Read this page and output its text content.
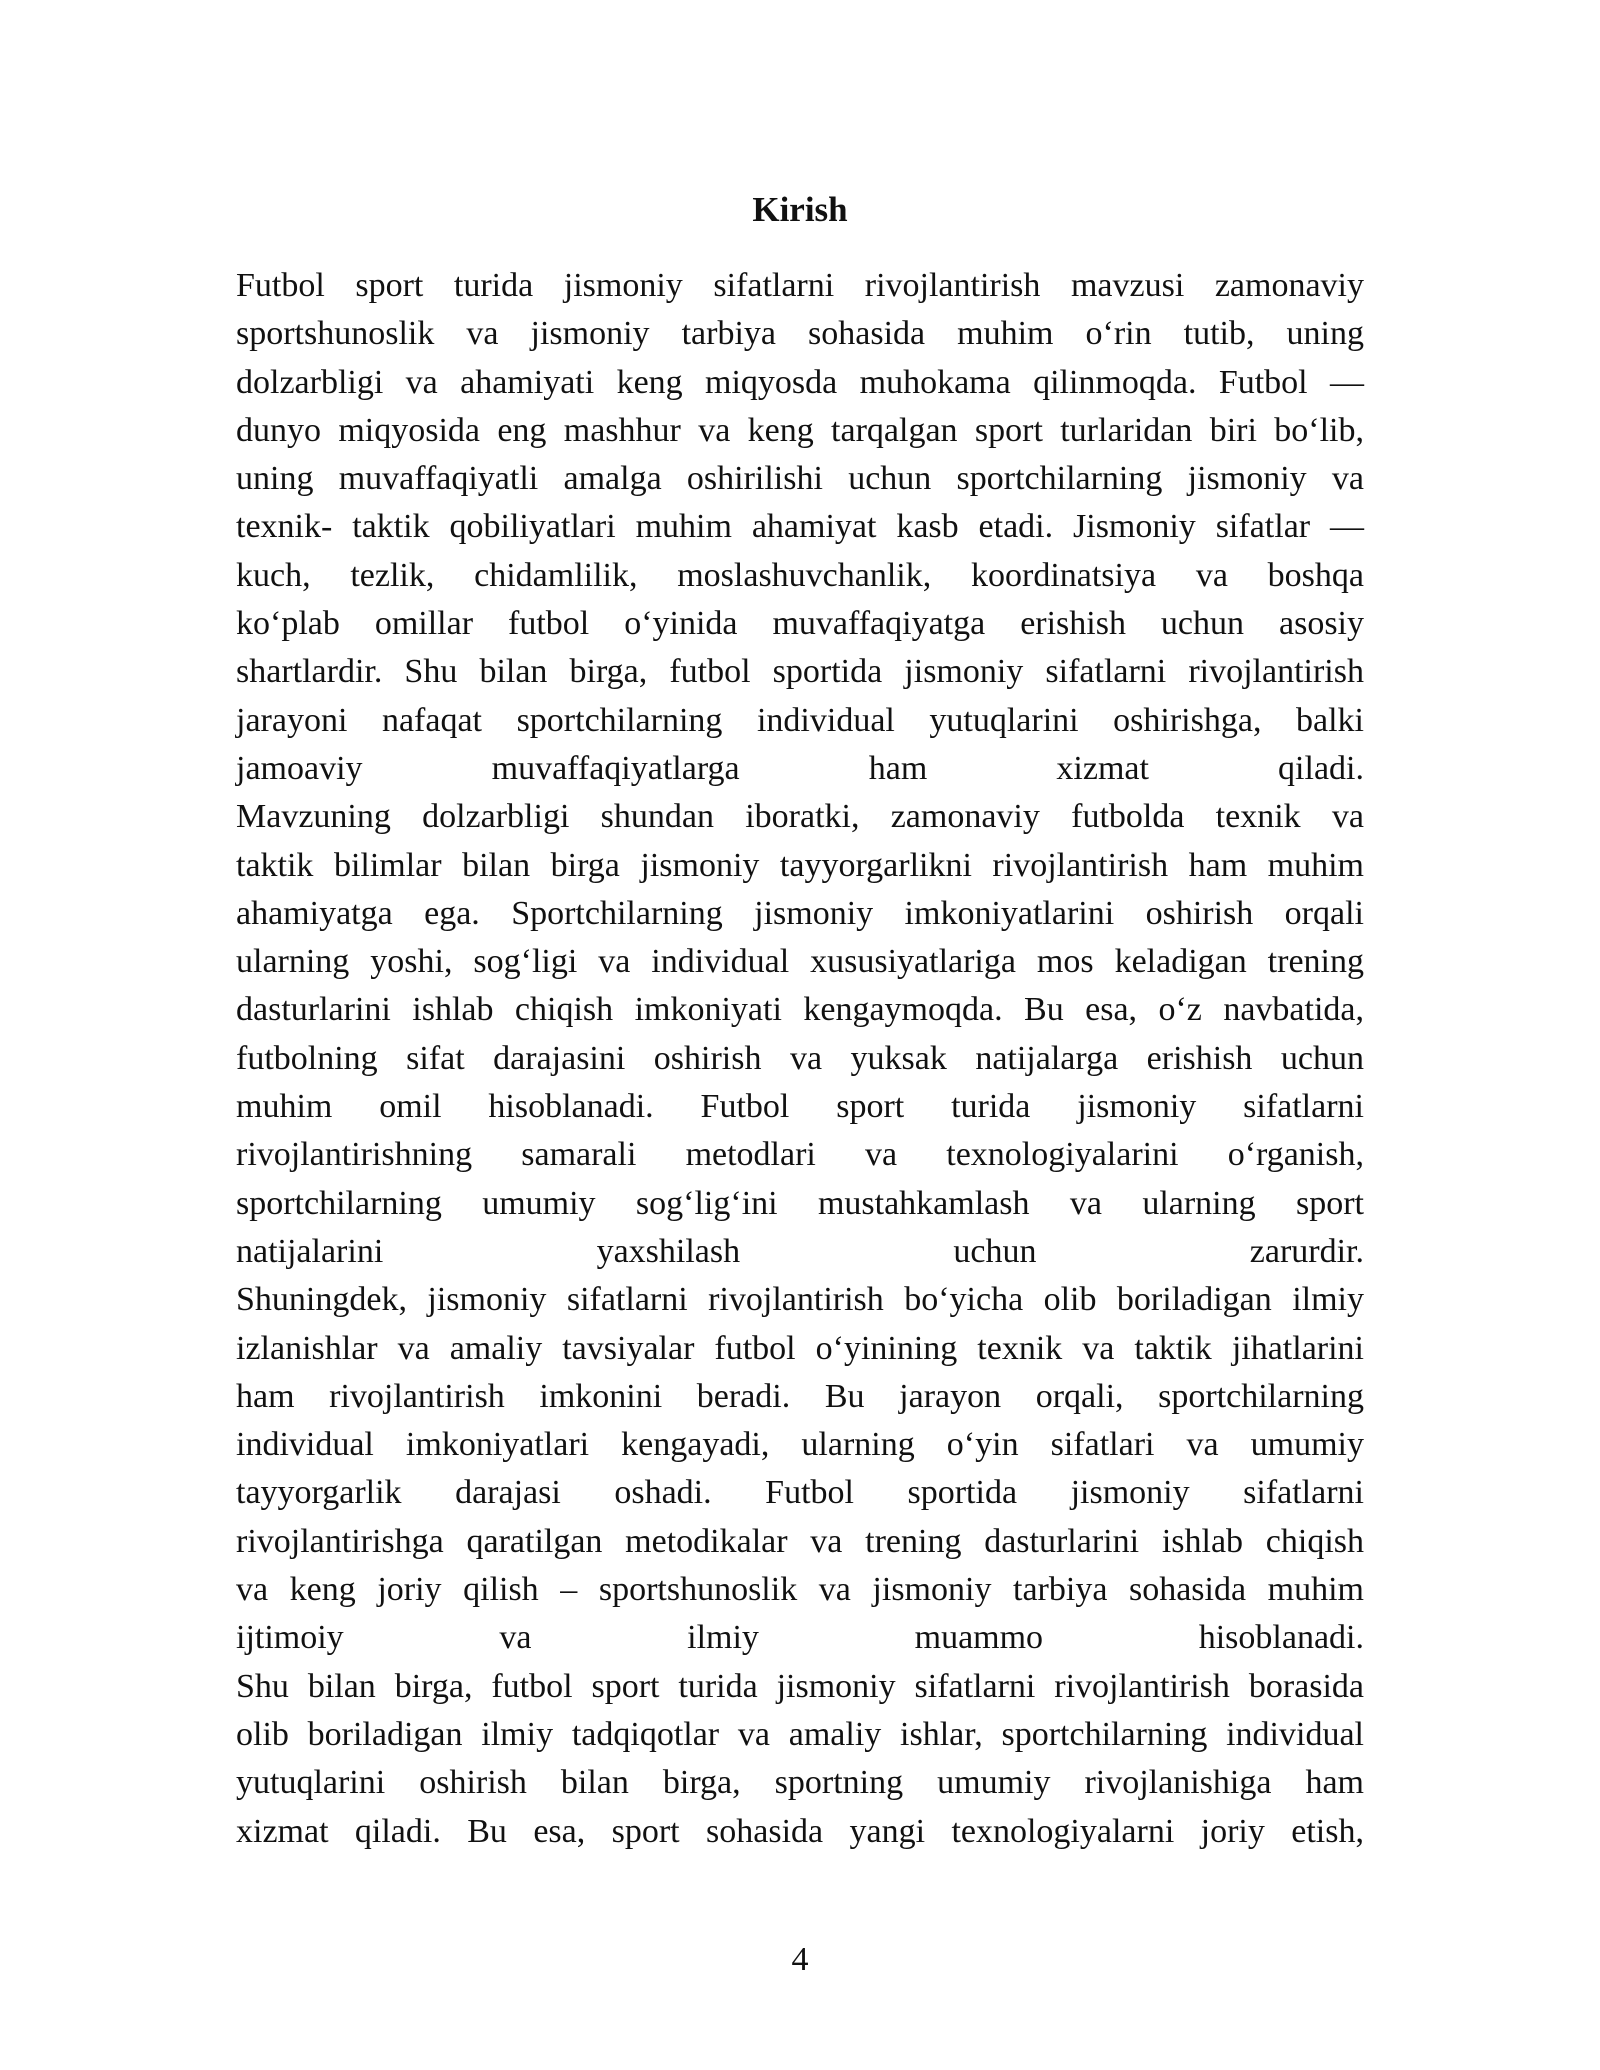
Kirish
Futbol sport turida jismoniy sifatlarni rivojlantirish mavzusi zamonaviy
sportshunoslik va jismoniy tarbiya sohasida muhim o‘rin tutib, uning
dolzarbligi va ahamiyati keng miqyosda muhokama qilinmoqda. Futbol —
dunyo miqyosida eng mashhur va keng tarqalgan sport turlaridan biri bo‘lib,
uning muvaffaqiyatli amalga oshirilishi uchun sportchilarning jismoniy va
texnik- taktik qobiliyatlari muhim ahamiyat kasb etadi. Jismoniy sifatlar —
kuch, tezlik, chidamlilik, moslashuvchanlik, koordinatsiya va boshqa
ko‘plab omillar futbol o‘yinida muvaffaqiyatga erishish uchun asosiy
shartlardir. Shu bilan birga, futbol sportida jismoniy sifatlarni rivojlantirish
jarayoni nafaqat sportchilarning individual yutuqlarini oshirishga, balki
jamoaviy muvaffaqiyatlarga ham xizmat qiladi.
Mavzuning dolzarbligi shundan iboratki, zamonaviy futbolda texnik va
taktik bilimlar bilan birga jismoniy tayyorgarlikni rivojlantirish ham muhim
ahamiyatga ega. Sportchilarning jismoniy imkoniyatlarini oshirish orqali
ularning yoshi, sog‘ligi va individual xususiyatlariga mos keladigan trening
dasturlarini ishlab chiqish imkoniyati kengaymoqda. Bu esa, o‘z navbatida,
futbolning sifat darajasini oshirish va yuksak natijalarga erishish uchun
muhim omil hisoblanadi. Futbol sport turida jismoniy sifatlarni
rivojlantirishning samarali metodlari va texnologiyalarini o‘rganish,
sportchilarning umumiy sog‘lig‘ini mustahkamlash va ularning sport
natijalarini yaxshilash uchun zarurdir.
Shuningdek, jismoniy sifatlarni rivojlantirish bo‘yicha olib boriladigan ilmiy
izlanishlar va amaliy tavsiyalar futbol o‘yinining texnik va taktik jihatlarini
ham rivojlantirish imkonini beradi. Bu jarayon orqali, sportchilarning
individual imkoniyatlari kengayadi, ularning o‘yin sifatlari va umumiy
tayyorgarlik darajasi oshadi. Futbol sportida jismoniy sifatlarni
rivojlantirishga qaratilgan metodikalar va trening dasturlarini ishlab chiqish
va keng joriy qilish – sportshunoslik va jismoniy tarbiya sohasida muhim
ijtimoiy va ilmiy muammo hisoblanadi.
Shu bilan birga, futbol sport turida jismoniy sifatlarni rivojlantirish borasida
olib boriladigan ilmiy tadqiqotlar va amaliy ishlar, sportchilarning individual
yutuqlarini oshirish bilan birga, sportning umumiy rivojlanishiga ham
xizmat qiladi. Bu esa, sport sohasida yangi texnologiyalarni joriy etish,
4
